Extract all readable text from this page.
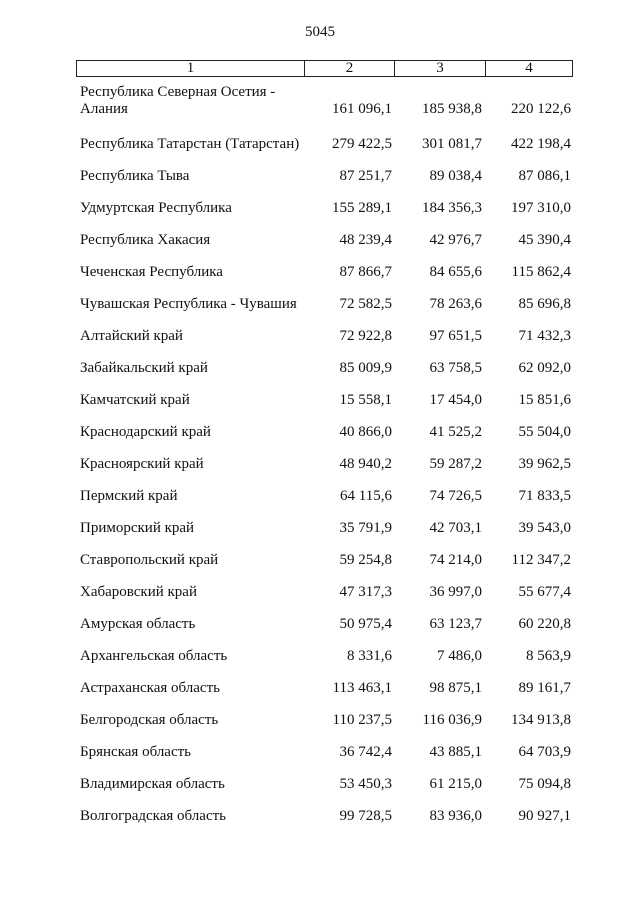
5045
1	2	3	4
Республика Северная Осетия - Алания	161 096,1	185 938,8	220 122,6
Республика Татарстан (Татарстан)	279 422,5	301 081,7	422 198,4
Республика Тыва	87 251,7	89 038,4	87 086,1
Удмуртская Республика	155 289,1	184 356,3	197 310,0
Республика Хакасия	48 239,4	42 976,7	45 390,4
Чеченская Республика	87 866,7	84 655,6	115 862,4
Чувашская Республика - Чувашия	72 582,5	78 263,6	85 696,8
Алтайский край	72 922,8	97 651,5	71 432,3
Забайкальский край	85 009,9	63 758,5	62 092,0
Камчатский край	15 558,1	17 454,0	15 851,6
Краснодарский край	40 866,0	41 525,2	55 504,0
Красноярский край	48 940,2	59 287,2	39 962,5
Пермский край	64 115,6	74 726,5	71 833,5
Приморский край	35 791,9	42 703,1	39 543,0
Ставропольский край	59 254,8	74 214,0	112 347,2
Хабаровский край	47 317,3	36 997,0	55 677,4
Амурская область	50 975,4	63 123,7	60 220,8
Архангельская область	8 331,6	7 486,0	8 563,9
Астраханская область	113 463,1	98 875,1	89 161,7
Белгородская область	110 237,5	116 036,9	134 913,8
Брянская область	36 742,4	43 885,1	64 703,9
Владимирская область	53 450,3	61 215,0	75 094,8
Волгоградская область	99 728,5	83 936,0	90 927,1
